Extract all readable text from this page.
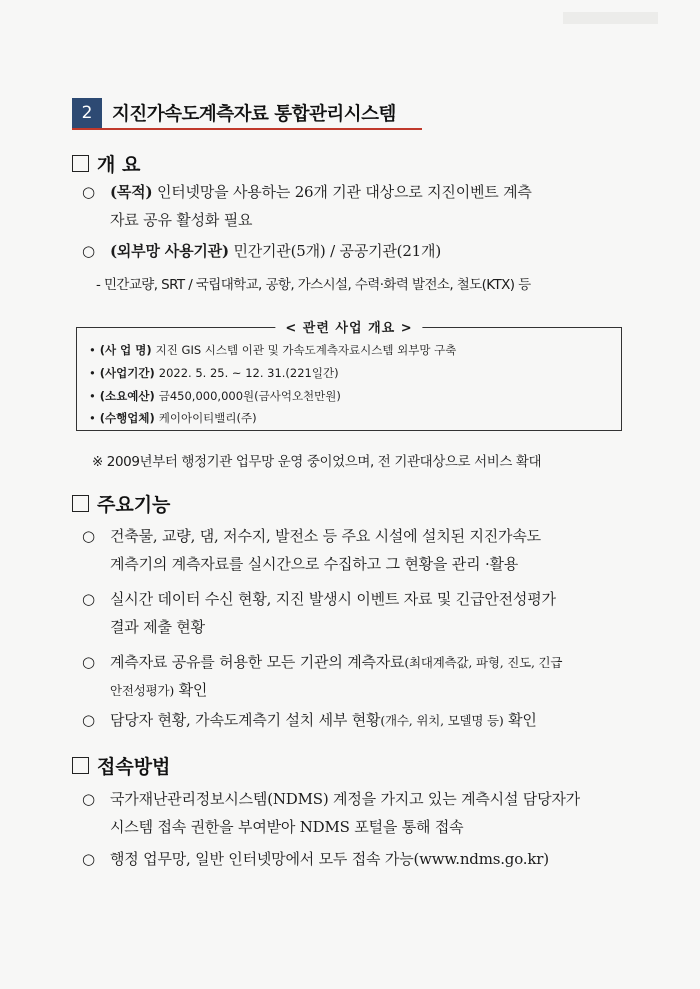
2	지진가속도계측자료 통합관리시스템
개 요
○ (목적) 인터넷망을 사용하는 26개 기관 대상으로 지진이벤트 계측
자료 공유 활성화 필요
○ (외부망 사용기관) 민간기관(5개) / 공공기관(21개)
- 민간교량, SRT / 국립대학교, 공항, 가스시설, 수력·화력 발전소, 철도(KTX) 등
< 관련 사업 개요 >
• (사 업 명) 지진 GIS 시스템 이관 및 가속도계측자료시스템 외부망 구축
• (사업기간) 2022. 5. 25. ~ 12. 31.(221일간)
• (소요예산) 금450,000,000원(금사억오천만원)
• (수행업체) 케이아이티밸리(주)
※ 2009년부터 행정기관 업무망 운영 중이었으며, 전 기관대상으로 서비스 확대
주요기능
○ 건축물, 교량, 댐, 저수지, 발전소 등 주요 시설에 설치된 지진가속도
계측기의 계측자료를 실시간으로 수집하고 그 현황을 관리 ·활용
○ 실시간 데이터 수신 현황, 지진 발생시 이벤트 자료 및 긴급안전성평가
결과 제출 현황
○ 계측자료 공유를 허용한 모든 기관의 계측자료(최대계측값, 파형, 진도, 긴급
안전성평가) 확인
○ 담당자 현황, 가속도계측기 설치 세부 현황(개수, 위치, 모델명 등) 확인
접속방법
○ 국가재난관리정보시스템(NDMS) 계정을 가지고 있는 계측시설 담당자가
시스템 접속 권한을 부여받아 NDMS 포털을 통해 접속
○ 행정 업무망, 일반 인터넷망에서 모두 접속 가능(www.ndms.go.kr)
